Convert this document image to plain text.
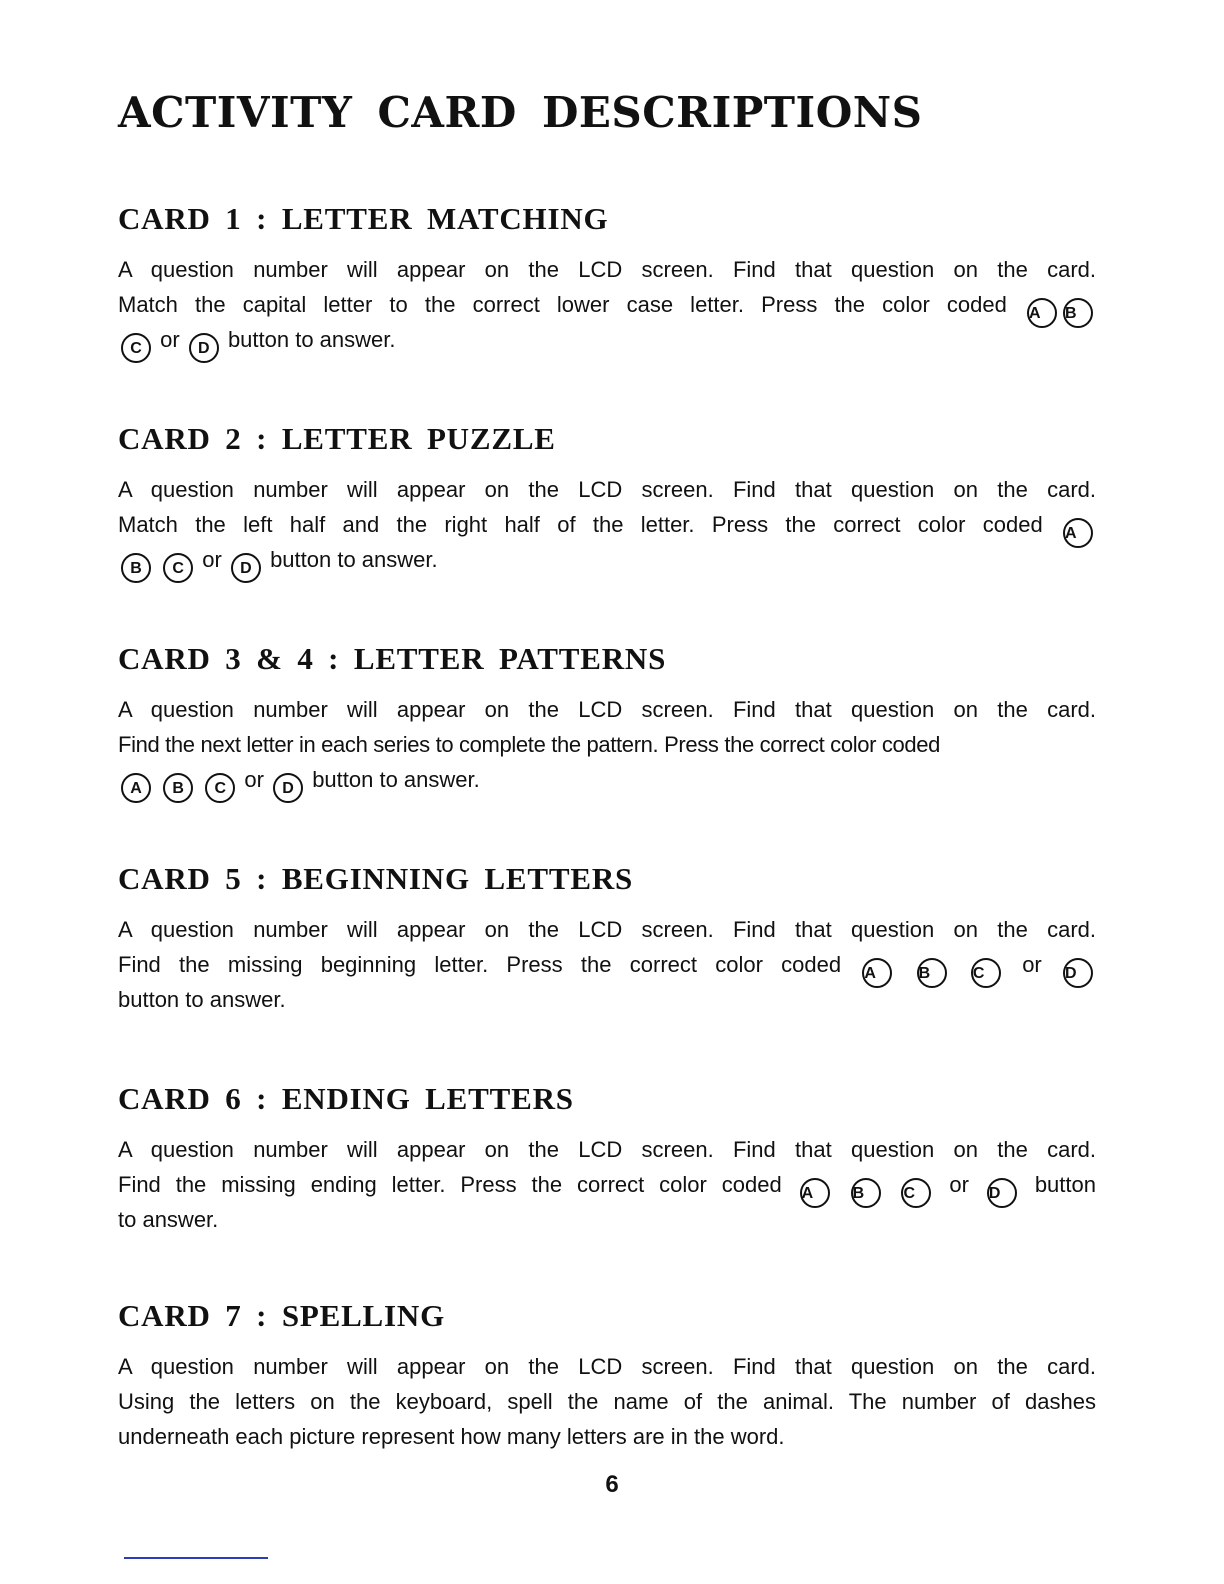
ACTIVITY CARD DESCRIPTIONS
CARD 1 : LETTER MATCHING
A question number will appear on the LCD screen. Find that question on the card.
Match the capital letter to the correct lower case letter. Press the color coded A B
C or D button to answer.
CARD 2 : LETTER PUZZLE
A question number will appear on the LCD screen. Find that question on the card.
Match the left half and the right half of the letter. Press the correct color coded A
B C or D button to answer.
CARD 3 & 4 : LETTER PATTERNS
A question number will appear on the LCD screen. Find that question on the card.
Find the next letter in each series to complete the pattern. Press the correct color coded
A B C or D button to answer.
CARD 5 : BEGINNING LETTERS
A question number will appear on the LCD screen. Find that question on the card.
Find the missing beginning letter. Press the correct color coded A	B	C or D
button to answer.
CARD 6 : ENDING LETTERS
A question number will appear on the LCD screen. Find that question on the card.
Find the missing ending letter. Press the correct color coded A B C or D button
to answer.
CARD 7 : SPELLING
A question number will appear on the LCD screen. Find that question on the card.
Using the letters on the keyboard, spell the name of the animal. The number of dashes
underneath each picture represent how many letters are in the word.

6
